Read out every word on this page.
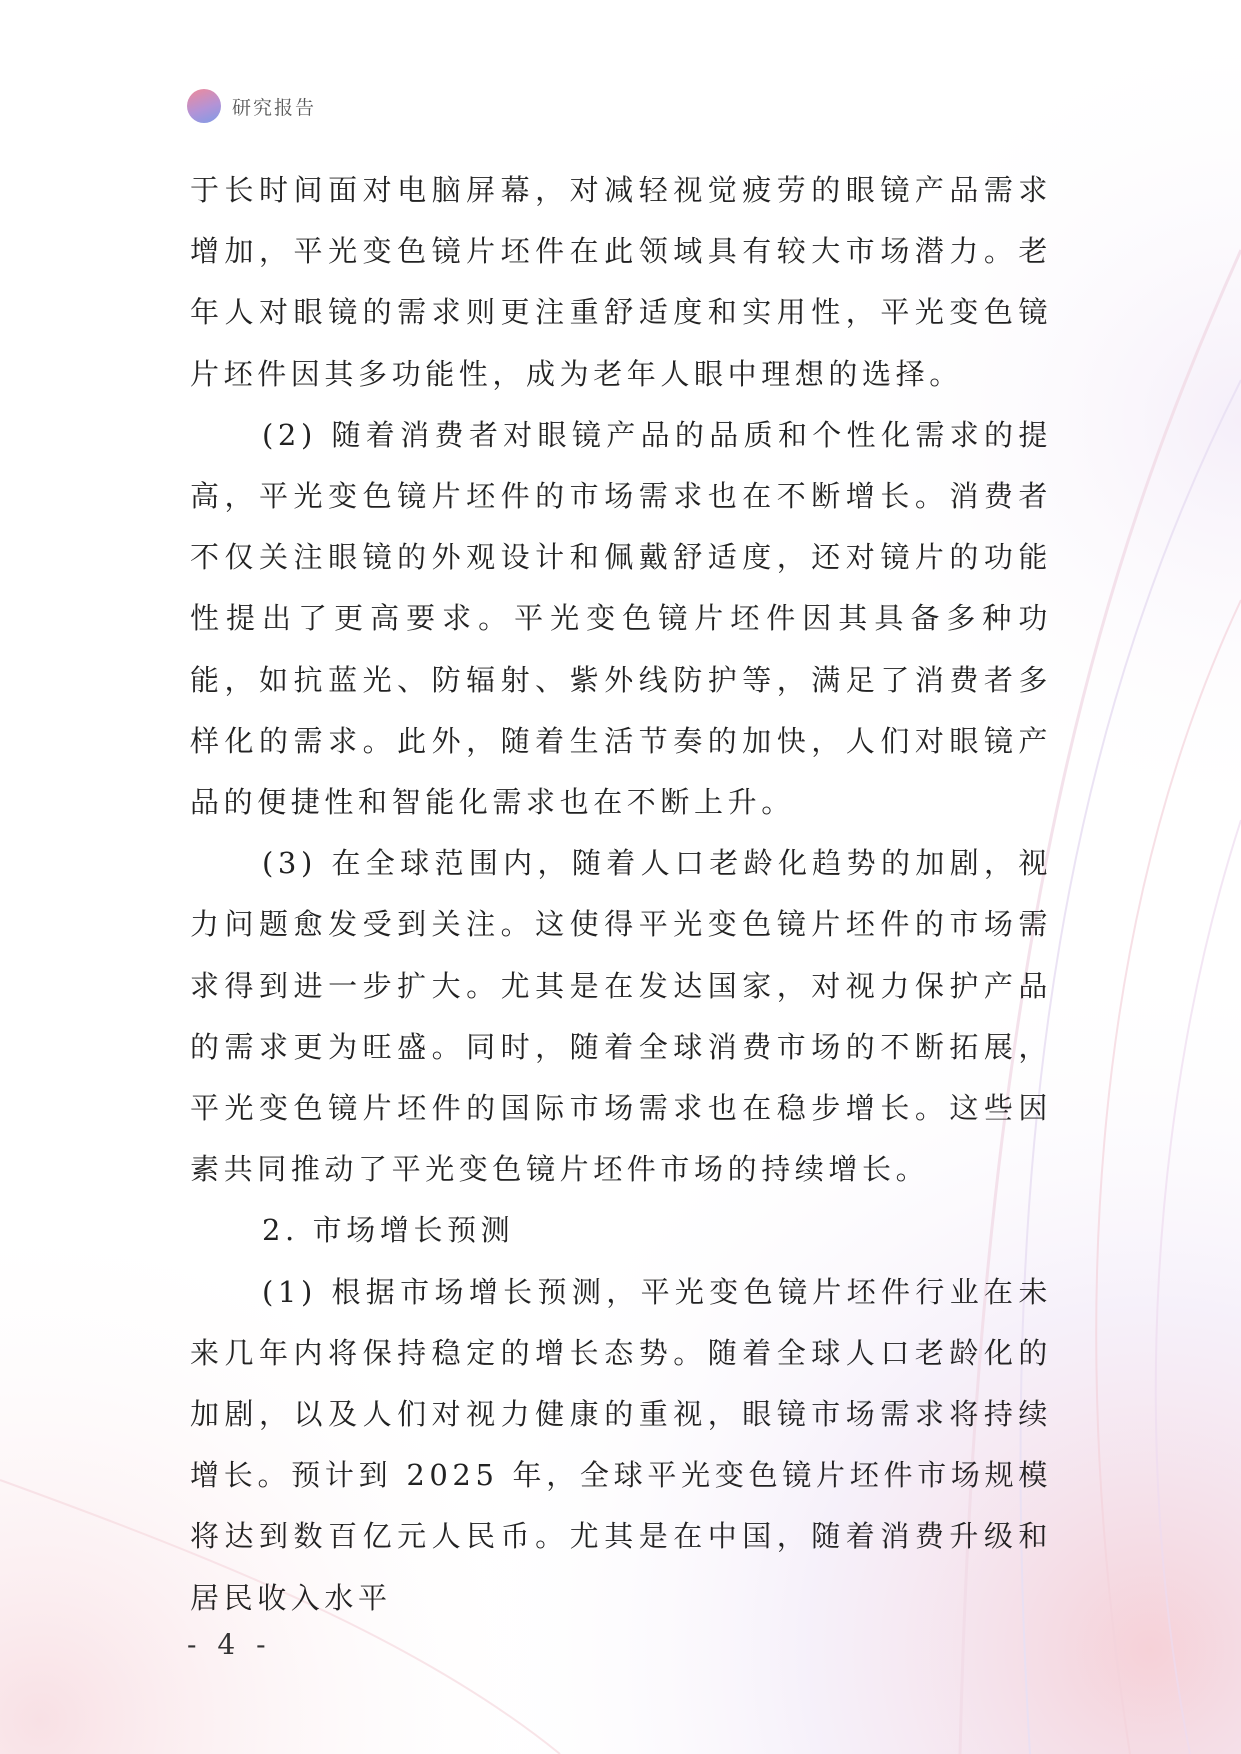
研究报告

于长时间面对电脑屏幕，对减轻视觉疲劳的眼镜产品需求增加，平光变色镜片坯件在此领域具有较大市场潜力。老年人对眼镜的需求则更注重舒适度和实用性，平光变色镜片坯件因其多功能性，成为老年人眼中理想的选择。

(2) 随着消费者对眼镜产品的品质和个性化需求的提高，平光变色镜片坯件的市场需求也在不断增长。消费者不仅关注眼镜的外观设计和佩戴舒适度，还对镜片的功能性提出了更高要求。平光变色镜片坯件因其具备多种功能，如抗蓝光、防辐射、紫外线防护等，满足了消费者多样化的需求。此外，随着生活节奏的加快，人们对眼镜产品的便捷性和智能化需求也在不断上升。

(3) 在全球范围内，随着人口老龄化趋势的加剧，视力问题愈发受到关注。这使得平光变色镜片坯件的市场需求得到进一步扩大。尤其是在发达国家，对视力保护产品的需求更为旺盛。同时，随着全球消费市场的不断拓展，平光变色镜片坯件的国际市场需求也在稳步增长。这些因素共同推动了平光变色镜片坯件市场的持续增长。

2. 市场增长预测

(1) 根据市场增长预测，平光变色镜片坯件行业在未来几年内将保持稳定的增长态势。随着全球人口老龄化的加剧，以及人们对视力健康的重视，眼镜市场需求将持续增长。预计到 2025 年，全球平光变色镜片坯件市场规模将达到数百亿元人民币。尤其是在中国，随着消费升级和居民收入水平

- 4 -
